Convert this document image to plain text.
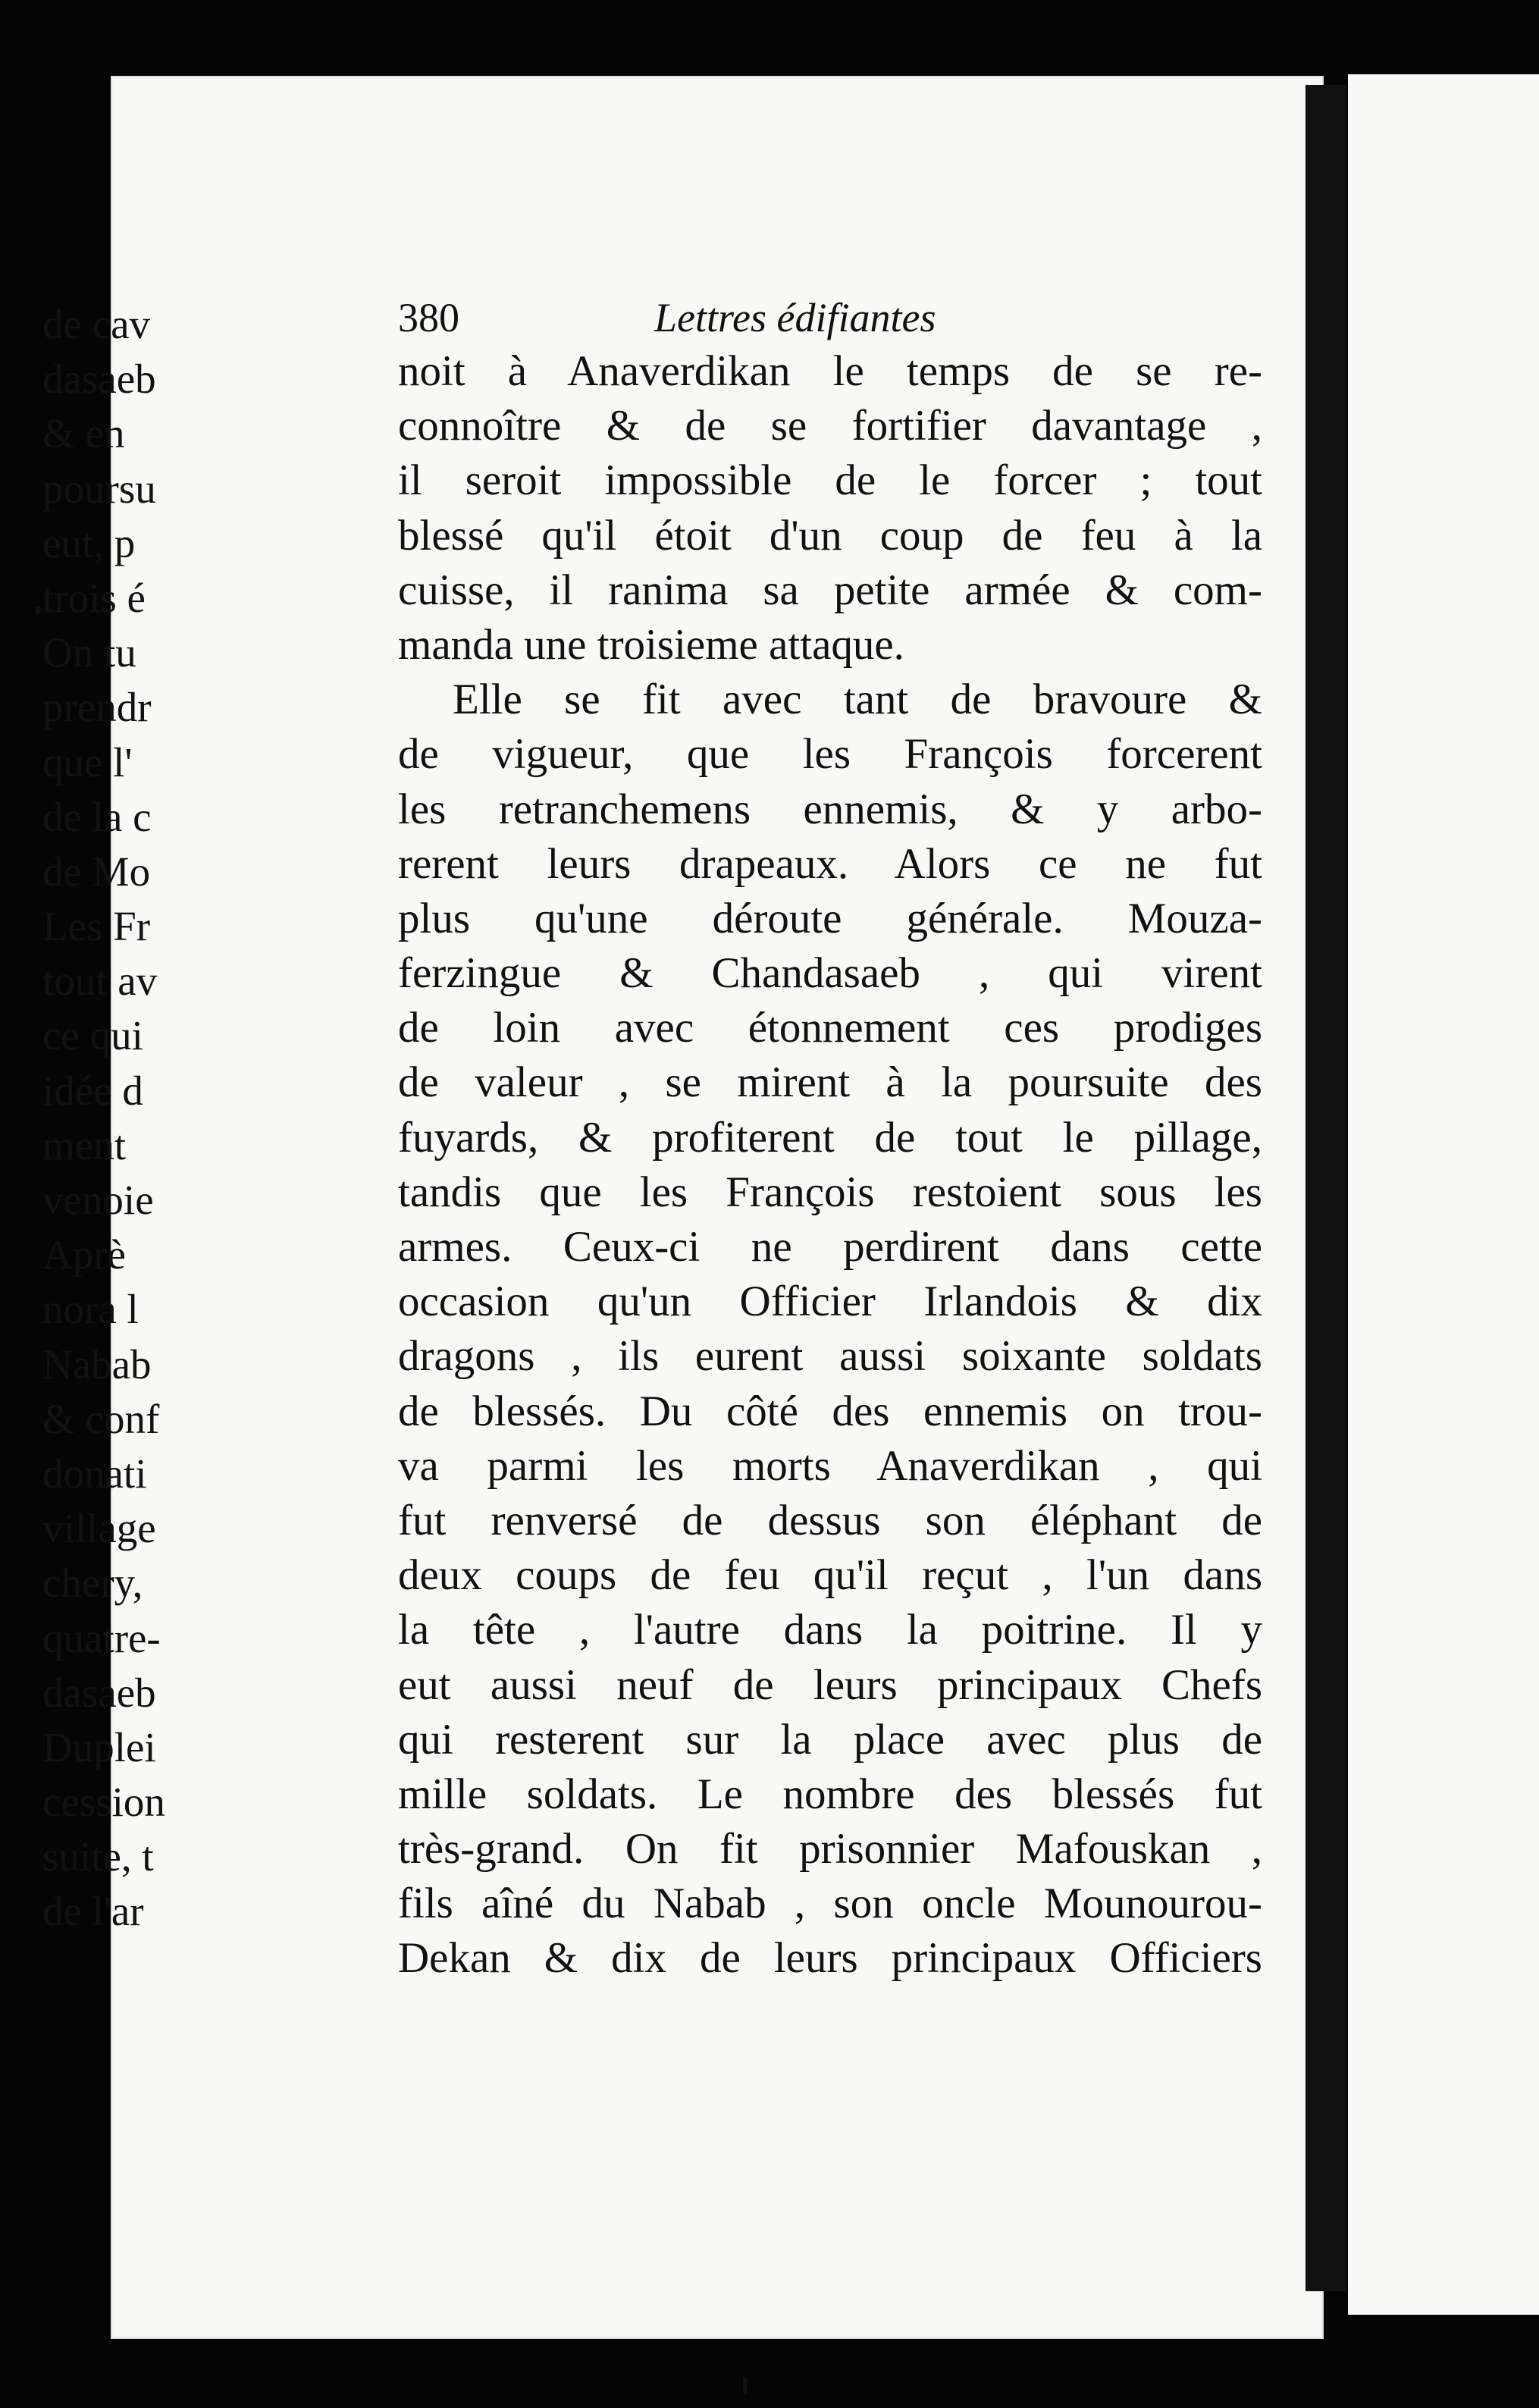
380	Lettres édifiantes
noit à Anaverdikan le temps de se re-
connoître & de se fortifier davantage ,
il seroit impossible de le forcer ; tout
blessé qu'il étoit d'un coup de feu à la
cuisse, il ranima sa petite armée & com-
manda une troisieme attaque.
Elle se fit avec tant de bravoure &
de vigueur, que les François forcerent
les retranchemens ennemis, & y arbo-
rerent leurs drapeaux. Alors ce ne fut
plus qu'une déroute générale. Mouza-
ferzingue & Chandasaeb , qui virent
de loin avec étonnement ces prodiges
de valeur , se mirent à la poursuite des
fuyards, & profiterent de tout le pillage,
tandis que les François restoient sous les
armes. Ceux-ci ne perdirent dans cette
occasion qu'un Officier Irlandois & dix
dragons , ils eurent aussi soixante soldats
de blessés. Du côté des ennemis on trou-
va parmi les morts Anaverdikan , qui
fut renversé de dessus son éléphant de
deux coups de feu qu'il reçut , l'un dans
la tête , l'autre dans la poitrine. Il y
eut aussi neuf de leurs principaux Chefs
qui resterent sur la place avec plus de
mille soldats. Le nombre des blessés fut
très-grand. On fit prisonnier Mafouskan ,
fils aîné du Nabab , son oncle Mounourou-
Dekan & dix de leurs principaux Officiers
de cav
dasaeb
& en
poursu
eut, p
trois é
On tu
prendr
que l'
de la c
de Mo
Les Fr
tout av
ce qui
idée d
ment
venoie
Aprè
nora l
Nabab
& conf
donati
village
chery,
quatre-
dasaeb
Duplei
cession
suite, t
de l'ar
